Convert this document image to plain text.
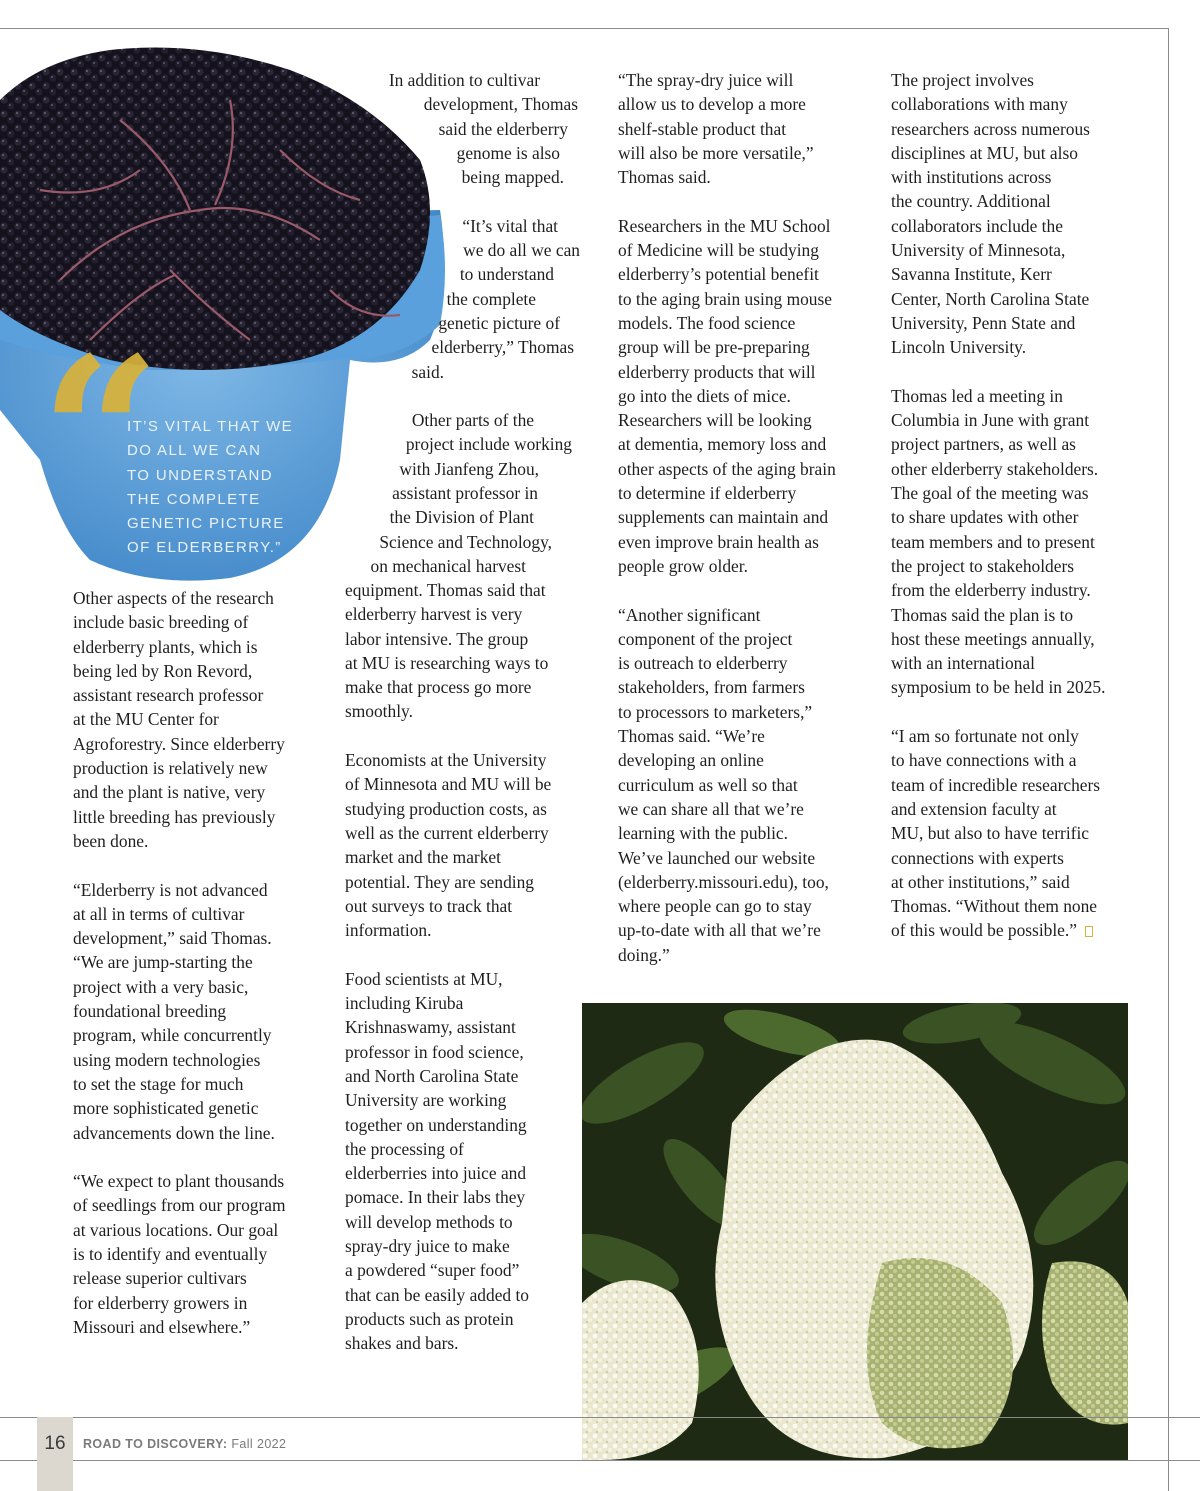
“

IT’S VITAL THAT WE

DO ALL WE CAN

TO UNDERSTAND

THE COMPLETE

GENETIC PICTURE

OF ELDERBERRY.”

Other aspects of the research

include basic breeding of

elderberry plants, which is

being led by Ron Revord,

assistant research professor

at the MU Center for

Agroforestry. Since elderberry

production is relatively new

and the plant is native, very

little breeding has previously

been done.

“Elderberry is not advanced

at all in terms of cultivar

development,” said Thomas.

“We are jump-starting the

project with a very basic,

foundational breeding

program, while concurrently

using modern technologies

to set the stage for much

more sophisticated genetic

advancements down the line.

“We expect to plant thousands

of seedlings from our program

at various locations. Our goal

is to identify and eventually

release superior cultivars

for elderberry growers in

Missouri and elsewhere.”

In addition to cultivar

development, Thomas

said the elderberry

genome is also

being mapped.

“It’s vital that

we do all we can

to understand

the complete

genetic picture of

elderberry,” Thomas

said.

Other parts of the

project include working

with Jianfeng Zhou,

assistant professor in

the Division of Plant

Science and Technology,

on mechanical harvest

equipment. Thomas said that

elderberry harvest is very

labor intensive. The group

at MU is researching ways to

make that process go more

smoothly.

Economists at the University

of Minnesota and MU will be

studying production costs, as

well as the current elderberry

market and the market

potential. They are sending

out surveys to track that

information.

Food scientists at MU,

including Kiruba

Krishnaswamy, assistant

professor in food science,

and North Carolina State

University are working

together on understanding

the processing of

elderberries into juice and

pomace. In their labs they

will develop methods to

spray-dry juice to make

a powdered “super food”

that can be easily added to

products such as protein

shakes and bars.

“The spray-dry juice will

allow us to develop a more

shelf-stable product that

will also be more versatile,”

Thomas said.

Researchers in the MU School

of Medicine will be studying

elderberry’s potential benefit

to the aging brain using mouse

models. The food science

group will be pre-preparing

elderberry products that will

go into the diets of mice.

Researchers will be looking

at dementia, memory loss and

other aspects of the aging brain

to determine if elderberry

supplements can maintain and

even improve brain health as

people grow older.

“Another significant

component of the project

is outreach to elderberry

stakeholders, from farmers

to processors to marketers,”

Thomas said. “We’re

developing an online

curriculum as well so that

we can share all that we’re

learning with the public.

We’ve launched our website

(elderberry.missouri.edu), too,

where people can go to stay

up-to-date with all that we’re

doing.”

The project involves

collaborations with many

researchers across numerous

disciplines at MU, but also

with institutions across

the country. Additional

collaborators include the

University of Minnesota,

Savanna Institute, Kerr

Center, North Carolina State

University, Penn State and

Lincoln University.

Thomas led a meeting in

Columbia in June with grant

project partners, as well as

other elderberry stakeholders.

The goal of the meeting was

to share updates with other

team members and to present

the project to stakeholders

from the elderberry industry.

Thomas said the plan is to

host these meetings annually,

with an international

symposium to be held in 2025.

“I am so fortunate not only

to have connections with a

team of incredible researchers

and extension faculty at

MU, but also to have terrific

connections with experts

at other institutions,” said

Thomas. “Without them none

of this would be possible.”

16	ROAD TO DISCOVERY: Fall 2022
